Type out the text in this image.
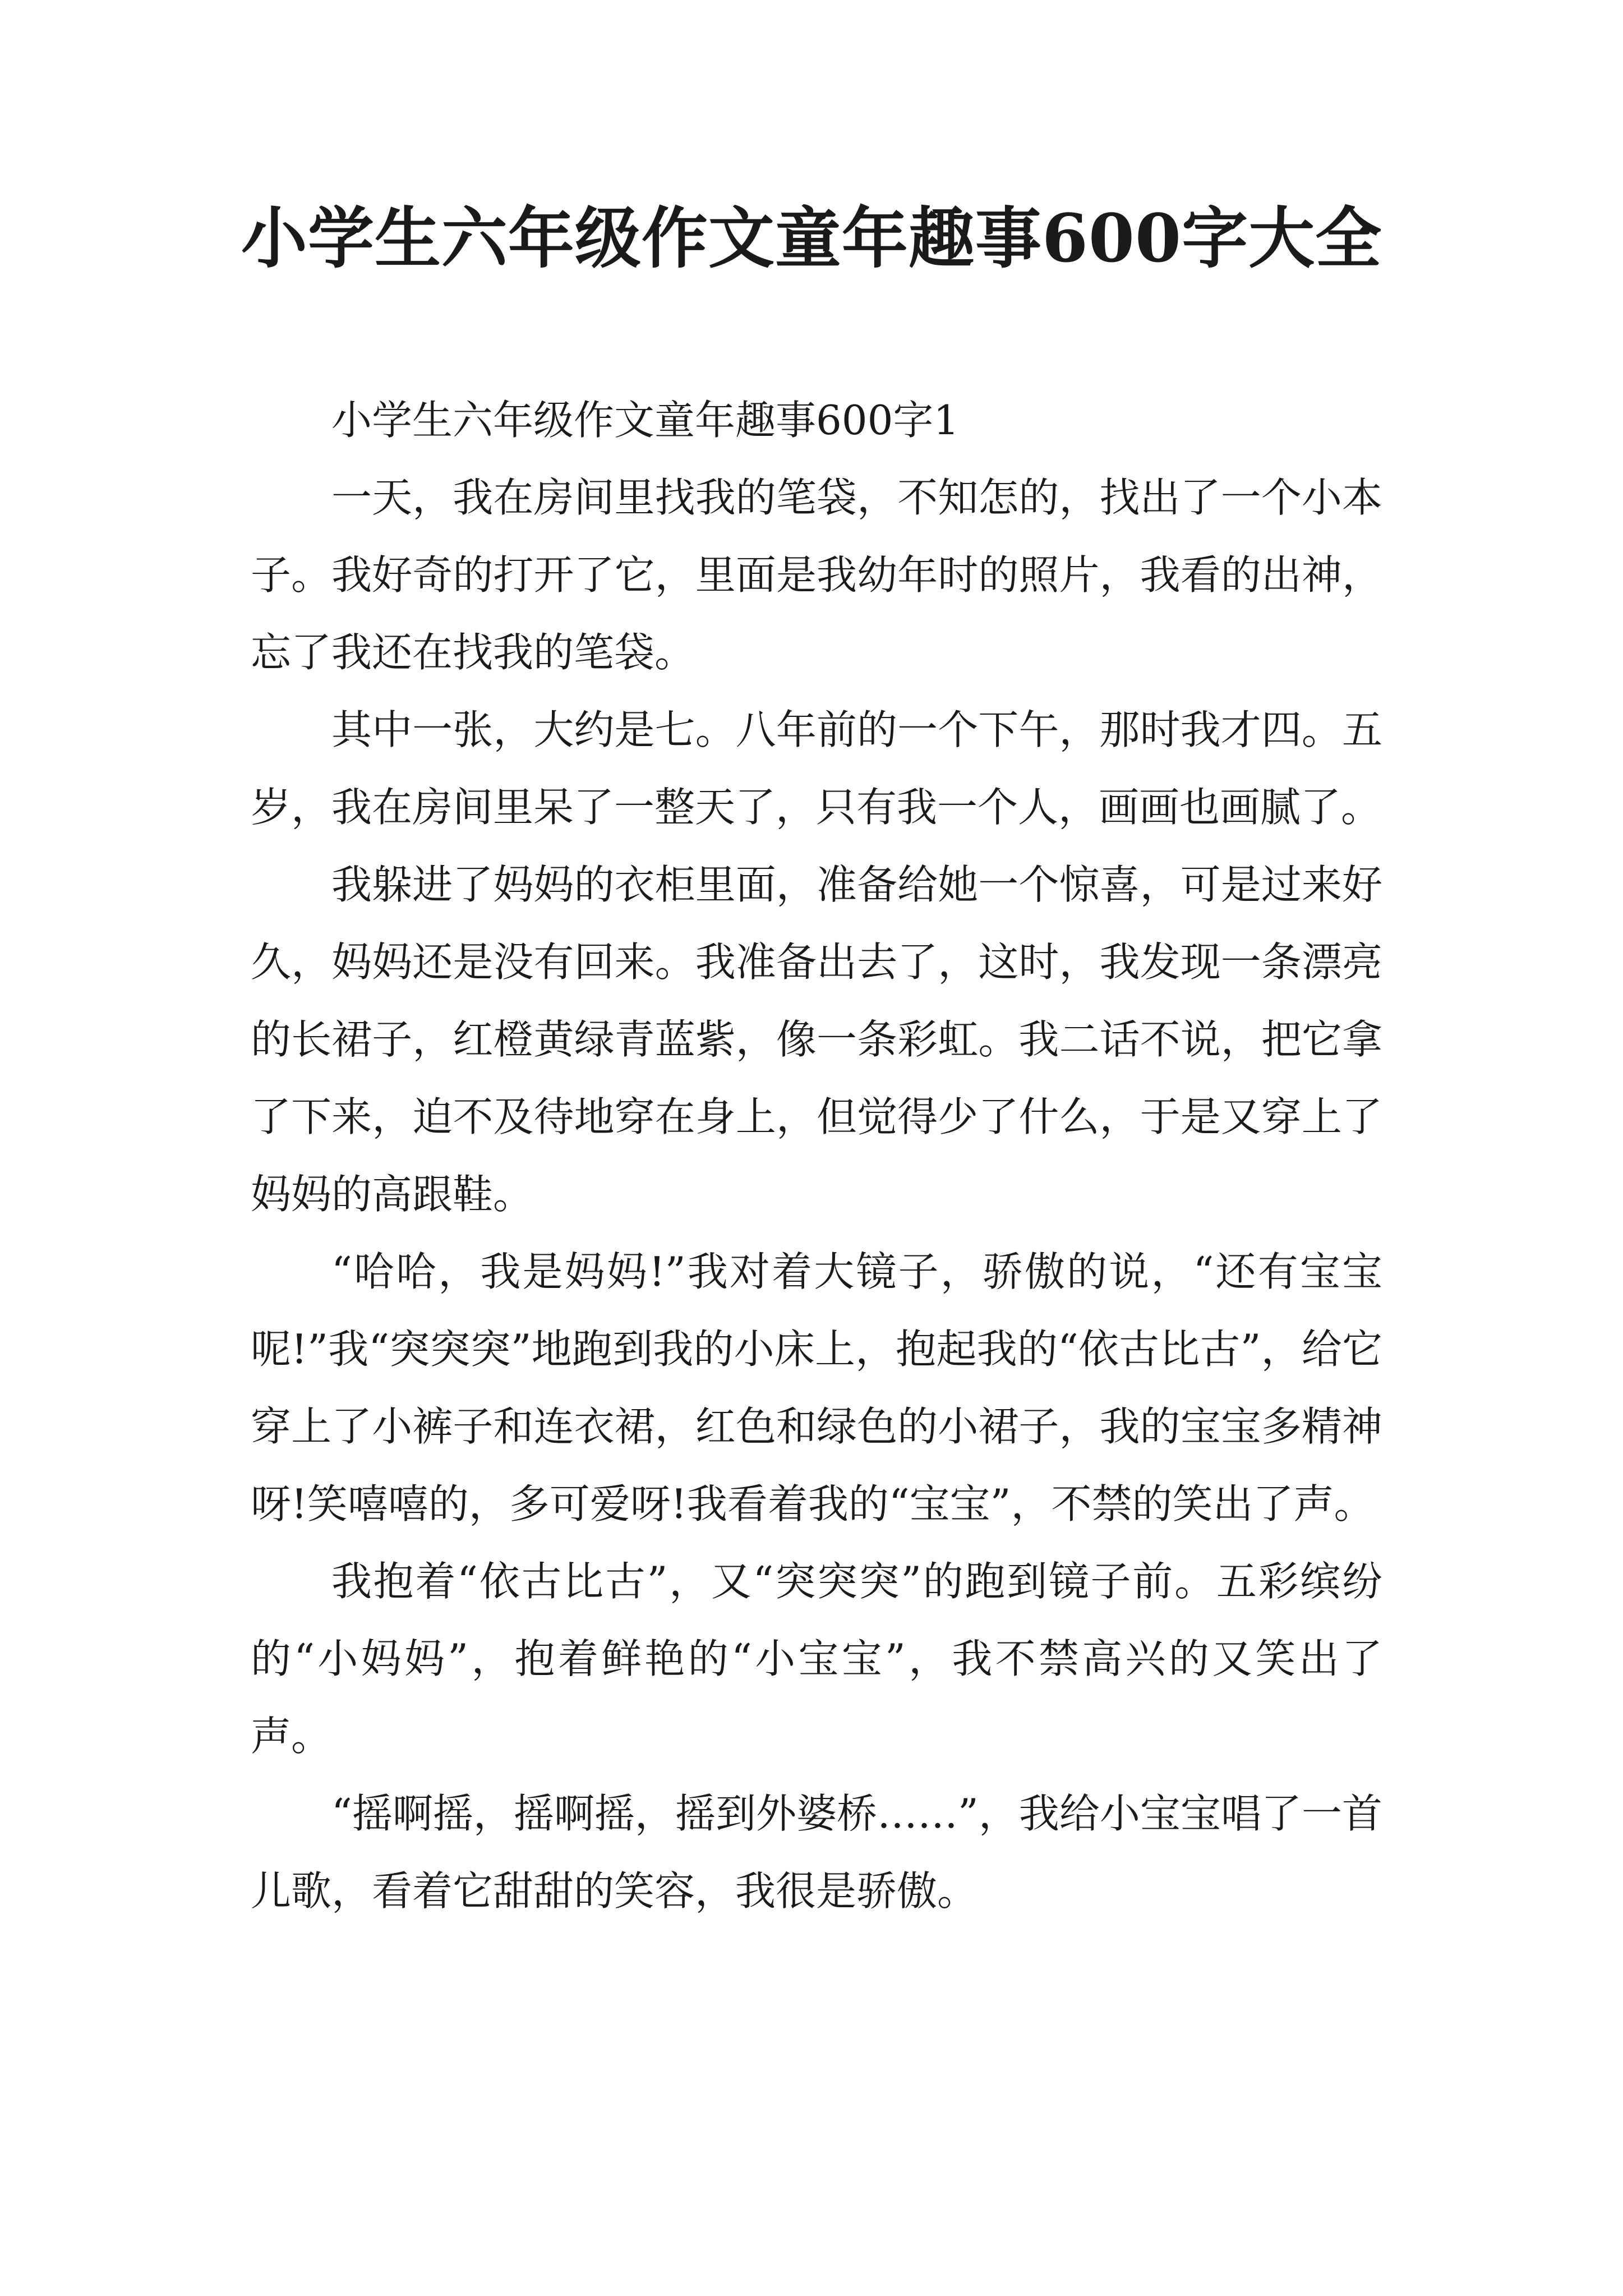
小学生六年级作文童年趣事600字大全

小学生六年级作文童年趣事600字1

一天，我在房间里找我的笔袋，不知怎的，找出了一个小本子。我好奇的打开了它，里面是我幼年时的照片，我看的出神，忘了我还在找我的笔袋。

其中一张，大约是七。八年前的一个下午，那时我才四。五岁，我在房间里呆了一整天了，只有我一个人，画画也画腻了。

我躲进了妈妈的衣柜里面，准备给她一个惊喜，可是过来好久，妈妈还是没有回来。我准备出去了，这时，我发现一条漂亮的长裙子，红橙黄绿青蓝紫，像一条彩虹。我二话不说，把它拿了下来，迫不及待地穿在身上，但觉得少了什么，于是又穿上了妈妈的高跟鞋。

“哈哈，我是妈妈!”我对着大镜子，骄傲的说，“还有宝宝呢!”我“突突突”地跑到我的小床上，抱起我的“依古比古”，给它穿上了小裤子和连衣裙，红色和绿色的小裙子，我的宝宝多精神呀!笑嘻嘻的，多可爱呀!我看着我的“宝宝”，不禁的笑出了声。

我抱着“依古比古”，又“突突突”的跑到镜子前。五彩缤纷的“小妈妈”，抱着鲜艳的“小宝宝”，我不禁高兴的又笑出了声。

“摇啊摇，摇啊摇，摇到外婆桥……”，我给小宝宝唱了一首儿歌，看着它甜甜的笑容，我很是骄傲。
